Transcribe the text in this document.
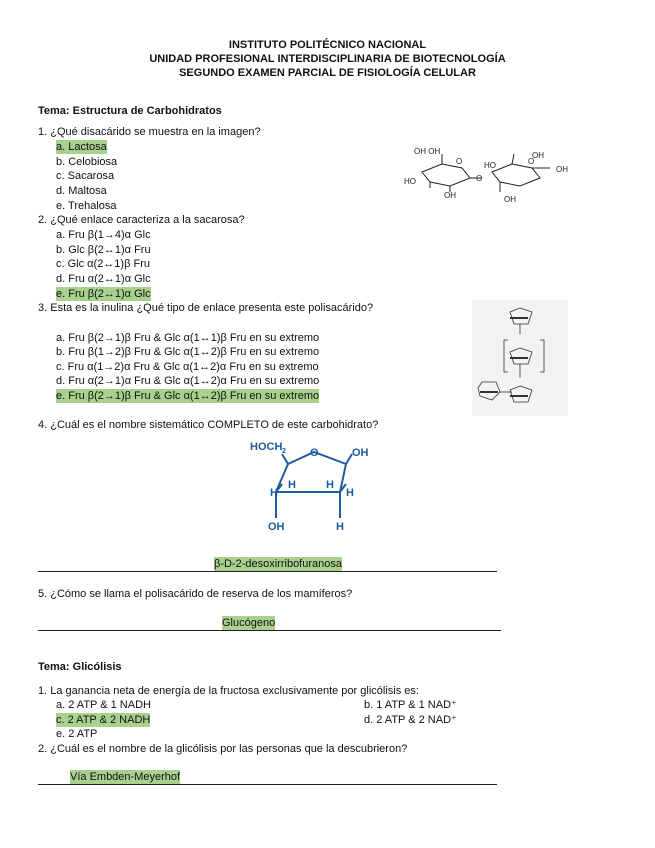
INSTITUTO POLITÉCNICO NACIONAL
UNIDAD PROFESIONAL INTERDISCIPLINARIA DE BIOTECNOLOGÍA
SEGUNDO EXAMEN PARCIAL DE FISIOLOGÍA CELULAR
Tema: Estructura de Carbohidratos
1. ¿Qué disacárido se muestra en la imagen?
a. Lactosa
b. Celobiosa
c. Sacarosa
d. Maltosa
e. Trehalosa
OH OH
O
HO
OH
O
HO	O
OH
OH
OH
2. ¿Qué enlace caracteriza a la sacarosa?
a. Fru β(1→4)α Glc
b. Glc β(2↔1)α Fru
c. Glc α(2↔1)β Fru
d. Fru α(2↔1)α Glc
e. Fru β(2↔1)α Glc
3. Esta es la inulina ¿Qué tipo de enlace presenta este polisacárido?
a. Fru β(2→1)β Fru & Glc α(1↔1)β Fru en su extremo
b. Fru β(1→2)β Fru & Glc α(1↔2)β Fru en su extremo
c. Fru α(1→2)α Fru & Glc α(1↔2)α Fru en su extremo
d. Fru α(2→1)α Fru & Glc α(1↔2)α Fru en su extremo
e. Fru β(2→1)β Fru & Glc α(1↔2)β Fru en su extremo
4. ¿Cuál es el nombre sistemático COMPLETO de este carbohidrato?
HOCH 2 O	OH
H
H	H
H
OH	H
β-D-2-desoxirribofuranosa
5. ¿Cómo se llama el polisacárido de reserva de los mamíferos?
Glucógeno
Tema: Glicólisis
1. La ganancia neta de energía de la fructosa exclusivamente por glicólisis es:
a. 2 ATP & 1 NADH	b. 1 ATP & 1 NAD⁺
c. 2 ATP & 2 NADH	d. 2 ATP & 2 NAD⁺
e. 2 ATP
2. ¿Cuál es el nombre de la glicólisis por las personas que la descubrieron?
Vía Embden-Meyerhof
